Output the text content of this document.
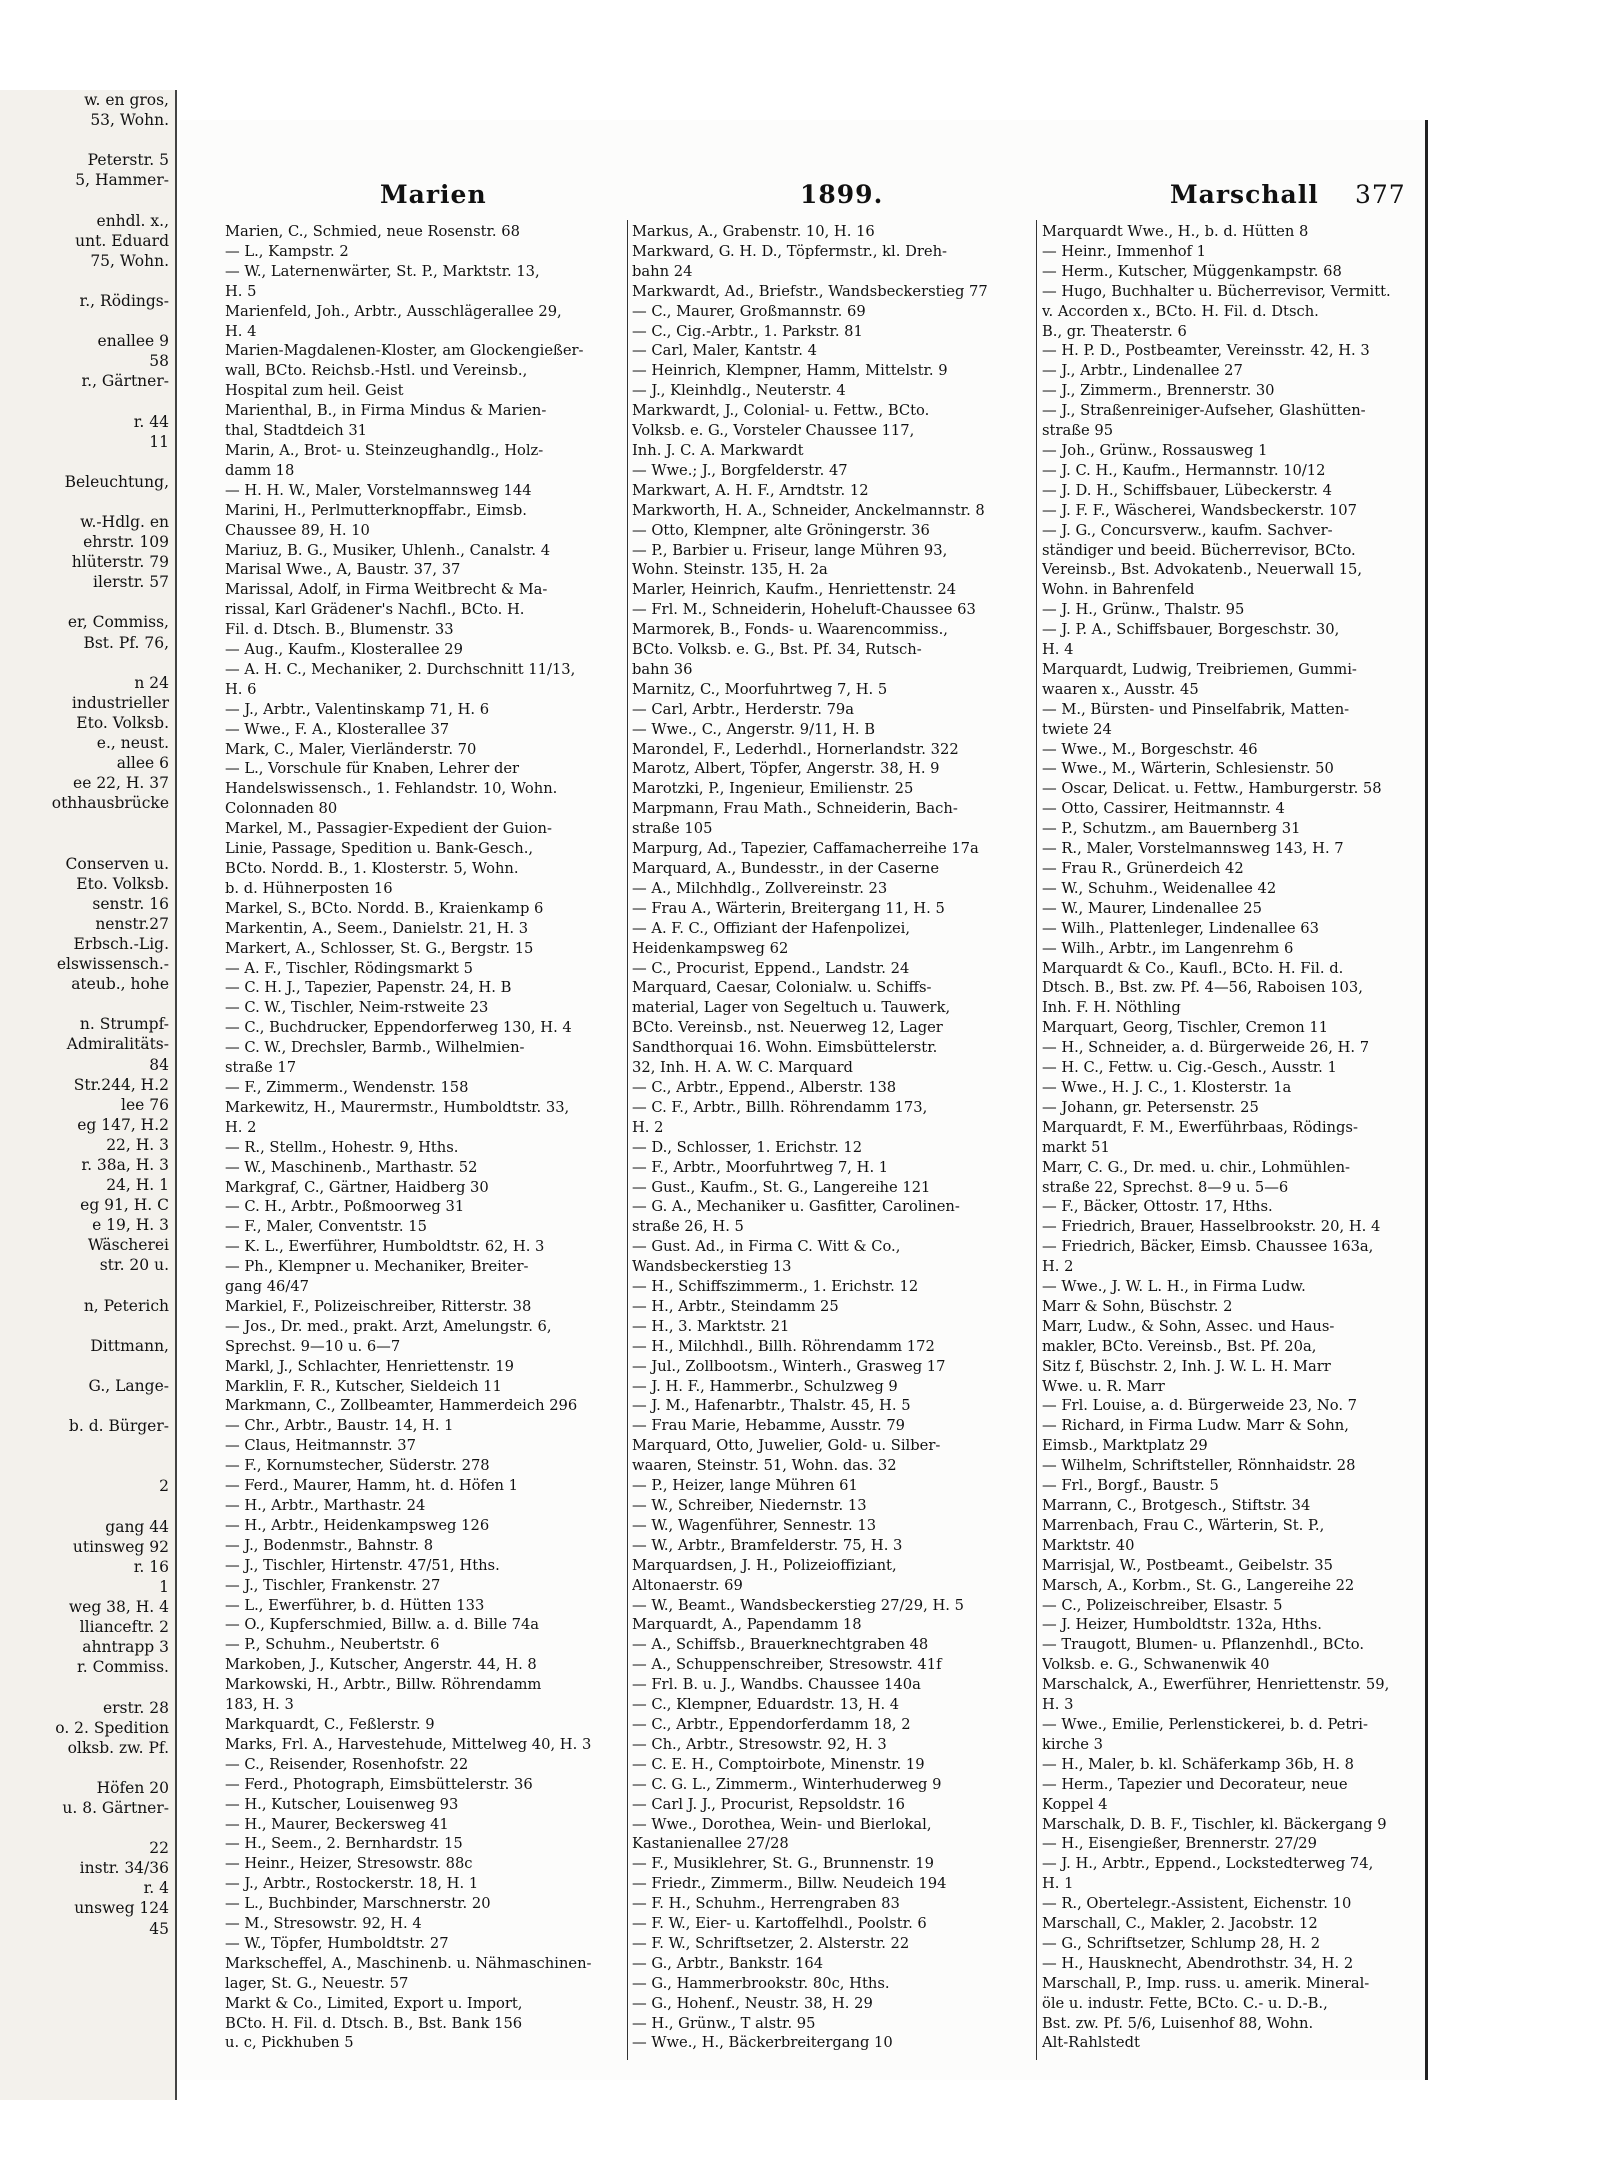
w. en gros,
53, Wohn.

Peterstr. 5
5, Hammer-

enhdl. x.,
unt. Eduard
75, Wohn.

r., Rödings-

enallee 9
58
r., Gärtner-

r. 44
11

Beleuchtung,

w.-Hdlg. en
ehrstr. 109
hlüterstr. 79
ilerstr. 57

er, Commiss,
Bst. Pf. 76,

n 24
industrieller
Eto. Volksb.
e., neust.
allee 6
ee 22, H. 37
othhausbrücke

Conserven u.
Eto. Volksb.
senstr. 16
nenstr.27
Erbsch.-Lig.
elswissensch.-
ateub., hohe

n. Strumpf-
Admiralitäts-
84
Str.244, H.2
lee 76
eg 147, H.2
22, H. 3
r. 38a, H. 3
24, H. 1
eg 91, H. C
e 19, H. 3
Wäscherei
str. 20 u.

n, Peterich

Dittmann,

G., Lange-

b. d. Bürger-

2

gang 44
utinsweg 92
r. 16
1
weg 38, H. 4
llianceftr. 2
ahntrapp 3
r. Commiss.

erstr. 28
o. 2. Spedition
olksb. zw. Pf.

Höfen 20
u. 8. Gärtner-

22
instr. 34/36
r. 4
unsweg 124
45
Marien	1899.	Marschall 377
Marien, C., Schmied, neue Rosenstr. 68
— L., Kampstr. 2
— W., Laternenwärter, St. P., Marktstr. 13,
H. 5
Marienfeld, Joh., Arbtr., Ausschlägerallee 29,
H. 4
Marien-Magdalenen-Kloster, am Glockengießer-
wall, BCto. Reichsb.-Hstl. und Vereinsb.,
Hospital zum heil. Geist
Marienthal, B., in Firma Mindus & Marien-
thal, Stadtdeich 31
Marin, A., Brot- u. Steinzeughandlg., Holz-
damm 18
— H. H. W., Maler, Vorstelmannsweg 144
Marini, H., Perlmutterknopffabr., Eimsb.
Chaussee 89, H. 10
Mariuz, B. G., Musiker, Uhlenh., Canalstr. 4
Marisal Wwe., A, Baustr. 37, 37
Marissal, Adolf, in Firma Weitbrecht & Ma-
rissal, Karl Grädener's Nachfl., BCto. H.
Fil. d. Dtsch. B., Blumenstr. 33
— Aug., Kaufm., Klosterallee 29
— A. H. C., Mechaniker, 2. Durchschnitt 11/13,
H. 6
— J., Arbtr., Valentinskamp 71, H. 6
— Wwe., F. A., Klosterallee 37
Mark, C., Maler, Vierländerstr. 70
— L., Vorschule für Knaben, Lehrer der
Handelswissensch., 1. Fehlandstr. 10, Wohn.
Colonnaden 80
Markel, M., Passagier-Expedient der Guion-
Linie, Passage, Spedition u. Bank-Gesch.,
BCto. Nordd. B., 1. Klosterstr. 5, Wohn.
b. d. Hühnerposten 16
Markel, S., BCto. Nordd. B., Kraienkamp 6
Markentin, A., Seem., Danielstr. 21, H. 3
Markert, A., Schlosser, St. G., Bergstr. 15
— A. F., Tischler, Rödingsmarkt 5
— C. H. J., Tapezier, Papenstr. 24, H. B
— C. W., Tischler, Neim-rstweite 23
— C., Buchdrucker, Eppendorferweg 130, H. 4
— C. W., Drechsler, Barmb., Wilhelmien-
straße 17
— F., Zimmerm., Wendenstr. 158
Markewitz, H., Maurermstr., Humboldtstr. 33,
H. 2
— R., Stellm., Hohestr. 9, Hths.
— W., Maschinenb., Marthastr. 52
Markgraf, C., Gärtner, Haidberg 30
— C. H., Arbtr., Poßmoorweg 31
— F., Maler, Conventstr. 15
— K. L., Ewerführer, Humboldtstr. 62, H. 3
— Ph., Klempner u. Mechaniker, Breiter-
gang 46/47
Markiel, F., Polizeischreiber, Ritterstr. 38
— Jos., Dr. med., prakt. Arzt, Amelungstr. 6,
Sprechst. 9—10 u. 6—7
Markl, J., Schlachter, Henriettenstr. 19
Marklin, F. R., Kutscher, Sieldeich 11
Markmann, C., Zollbeamter, Hammerdeich 296
— Chr., Arbtr., Baustr. 14, H. 1
— Claus, Heitmannstr. 37
— F., Kornumstecher, Süderstr. 278
— Ferd., Maurer, Hamm, ht. d. Höfen 1
— H., Arbtr., Marthastr. 24
— H., Arbtr., Heidenkampsweg 126
— J., Bodenmstr., Bahnstr. 8
— J., Tischler, Hirtenstr. 47/51, Hths.
— J., Tischler, Frankenstr. 27
— L., Ewerführer, b. d. Hütten 133
— O., Kupferschmied, Billw. a. d. Bille 74a
— P., Schuhm., Neubertstr. 6
Markoben, J., Kutscher, Angerstr. 44, H. 8
Markowski, H., Arbtr., Billw. Röhrendamm
183, H. 3
Markquardt, C., Feßlerstr. 9
Marks, Frl. A., Harvestehude, Mittelweg 40, H. 3
— C., Reisender, Rosenhofstr. 22
— Ferd., Photograph, Eimsbüttelerstr. 36
— H., Kutscher, Louisenweg 93
— H., Maurer, Beckersweg 41
— H., Seem., 2. Bernhardstr. 15
— Heinr., Heizer, Stresowstr. 88c
— J., Arbtr., Rostockerstr. 18, H. 1
— L., Buchbinder, Marschnerstr. 20
— M., Stresowstr. 92, H. 4
— W., Töpfer, Humboldtstr. 27
Markscheffel, A., Maschinenb. u. Nähmaschinen-
lager, St. G., Neuestr. 57
Markt & Co., Limited, Export u. Import,
BCto. H. Fil. d. Dtsch. B., Bst. Bank 156
u. c, Pickhuben 5
Markus, A., Grabenstr. 10, H. 16
Markward, G. H. D., Töpfermstr., kl. Dreh-
bahn 24
Markwardt, Ad., Briefstr., Wandsbeckerstieg 77
— C., Maurer, Großmannstr. 69
— C., Cig.-Arbtr., 1. Parkstr. 81
— Carl, Maler, Kantstr. 4
— Heinrich, Klempner, Hamm, Mittelstr. 9
— J., Kleinhdlg., Neuterstr. 4
Markwardt, J., Colonial- u. Fettw., BCto.
Volksb. e. G., Vorsteler Chaussee 117,
Inh. J. C. A. Markwardt
— Wwe.; J., Borgfelderstr. 47
Markwart, A. H. F., Arndtstr. 12
Markworth, H. A., Schneider, Anckelmannstr. 8
— Otto, Klempner, alte Gröningerstr. 36
— P., Barbier u. Friseur, lange Mühren 93,
Wohn. Steinstr. 135, H. 2a
Marler, Heinrich, Kaufm., Henriettenstr. 24
— Frl. M., Schneiderin, Hoheluft-Chaussee 63
Marmorek, B., Fonds- u. Waarencommiss.,
BCto. Volksb. e. G., Bst. Pf. 34, Rutsch-
bahn 36
Marnitz, C., Moorfuhrtweg 7, H. 5
— Carl, Arbtr., Herderstr. 79a
— Wwe., C., Angerstr. 9/11, H. B
Marondel, F., Lederhdl., Hornerlandstr. 322
Marotz, Albert, Töpfer, Angerstr. 38, H. 9
Marotzki, P., Ingenieur, Emilienstr. 25
Marpmann, Frau Math., Schneiderin, Bach-
straße 105
Marpurg, Ad., Tapezier, Caffamacherreihe 17a
Marquard, A., Bundesstr., in der Caserne
— A., Milchhdlg., Zollvereinstr. 23
— Frau A., Wärterin, Breitergang 11, H. 5
— A. F. C., Offiziant der Hafenpolizei,
Heidenkampsweg 62
— C., Procurist, Eppend., Landstr. 24
Marquard, Caesar, Colonialw. u. Schiffs-
material, Lager von Segeltuch u. Tauwerk,
BCto. Vereinsb., nst. Neuerweg 12, Lager
Sandthorquai 16. Wohn. Eimsbüttelerstr.
32, Inh. H. A. W. C. Marquard
— C., Arbtr., Eppend., Alberstr. 138
— C. F., Arbtr., Billh. Röhrendamm 173,
H. 2
— D., Schlosser, 1. Erichstr. 12
— F., Arbtr., Moorfuhrtweg 7, H. 1
— Gust., Kaufm., St. G., Langereihe 121
— G. A., Mechaniker u. Gasfitter, Carolinen-
straße 26, H. 5
— Gust. Ad., in Firma C. Witt & Co.,
Wandsbeckerstieg 13
— H., Schiffszimmerm., 1. Erichstr. 12
— H., Arbtr., Steindamm 25
— H., 3. Marktstr. 21
— H., Milchhdl., Billh. Röhrendamm 172
— Jul., Zollbootsm., Winterh., Grasweg 17
— J. H. F., Hammerbr., Schulzweg 9
— J. M., Hafenarbtr., Thalstr. 45, H. 5
— Frau Marie, Hebamme, Ausstr. 79
Marquard, Otto, Juwelier, Gold- u. Silber-
waaren, Steinstr. 51, Wohn. das. 32
— P., Heizer, lange Mühren 61
— W., Schreiber, Niedernstr. 13
— W., Wagenführer, Sennestr. 13
— W., Arbtr., Bramfelderstr. 75, H. 3
Marquardsen, J. H., Polizeioffiziant,
Altonaerstr. 69
— W., Beamt., Wandsbeckerstieg 27/29, H. 5
Marquardt, A., Papendamm 18
— A., Schiffsb., Brauerknechtgraben 48
— A., Schuppenschreiber, Stresowstr. 41f
— Frl. B. u. J., Wandbs. Chaussee 140a
— C., Klempner, Eduardstr. 13, H. 4
— C., Arbtr., Eppendorferdamm 18, 2
— Ch., Arbtr., Stresowstr. 92, H. 3
— C. E. H., Comptoirbote, Minenstr. 19
— C. G. L., Zimmerm., Winterhuderweg 9
— Carl J. J., Procurist, Repsoldstr. 16
— Wwe., Dorothea, Wein- und Bierlokal,
Kastanienallee 27/28
— F., Musiklehrer, St. G., Brunnenstr. 19
— Friedr., Zimmerm., Billw. Neudeich 194
— F. H., Schuhm., Herrengraben 83
— F. W., Eier- u. Kartoffelhdl., Poolstr. 6
— F. W., Schriftsetzer, 2. Alsterstr. 22
— G., Arbtr., Bankstr. 164
— G., Hammerbrookstr. 80c, Hths.
— G., Hohenf., Neustr. 38, H. 29
— H., Grünw., T alstr. 95
— Wwe., H., Bäckerbreitergang 10
Marquardt Wwe., H., b. d. Hütten 8
— Heinr., Immenhof 1
— Herm., Kutscher, Müggenkampstr. 68
— Hugo, Buchhalter u. Bücherrevisor, Vermitt.
v. Accorden x., BCto. H. Fil. d. Dtsch.
B., gr. Theaterstr. 6
— H. P. D., Postbeamter, Vereinsstr. 42, H. 3
— J., Arbtr., Lindenallee 27
— J., Zimmerm., Brennerstr. 30
— J., Straßenreiniger-Aufseher, Glashütten-
straße 95
— Joh., Grünw., Rossausweg 1
— J. C. H., Kaufm., Hermannstr. 10/12
— J. D. H., Schiffsbauer, Lübeckerstr. 4
— J. F. F., Wäscherei, Wandsbeckerstr. 107
— J. G., Concursverw., kaufm. Sachver-
ständiger und beeid. Bücherrevisor, BCto.
Vereinsb., Bst. Advokatenb., Neuerwall 15,
Wohn. in Bahrenfeld
— J. H., Grünw., Thalstr. 95
— J. P. A., Schiffsbauer, Borgeschstr. 30,
H. 4
Marquardt, Ludwig, Treibriemen, Gummi-
waaren x., Ausstr. 45
— M., Bürsten- und Pinselfabrik, Matten-
twiete 24
— Wwe., M., Borgeschstr. 46
— Wwe., M., Wärterin, Schlesienstr. 50
— Oscar, Delicat. u. Fettw., Hamburgerstr. 58
— Otto, Cassirer, Heitmannstr. 4
— P., Schutzm., am Bauernberg 31
— R., Maler, Vorstelmannsweg 143, H. 7
— Frau R., Grünerdeich 42
— W., Schuhm., Weidenallee 42
— W., Maurer, Lindenallee 25
— Wilh., Plattenleger, Lindenallee 63
— Wilh., Arbtr., im Langenrehm 6
Marquardt & Co., Kaufl., BCto. H. Fil. d.
Dtsch. B., Bst. zw. Pf. 4—56, Raboisen 103,
Inh. F. H. Nöthling
Marquart, Georg, Tischler, Cremon 11
— H., Schneider, a. d. Bürgerweide 26, H. 7
— H. C., Fettw. u. Cig.-Gesch., Ausstr. 1
— Wwe., H. J. C., 1. Klosterstr. 1a
— Johann, gr. Petersenstr. 25
Marquardt, F. M., Ewerführbaas, Rödings-
markt 51
Marr, C. G., Dr. med. u. chir., Lohmühlen-
straße 22, Sprechst. 8—9 u. 5—6
— F., Bäcker, Ottostr. 17, Hths.
— Friedrich, Brauer, Hasselbrookstr. 20, H. 4
— Friedrich, Bäcker, Eimsb. Chaussee 163a,
H. 2
— Wwe., J. W. L. H., in Firma Ludw.
Marr & Sohn, Büschstr. 2
Marr, Ludw., & Sohn, Assec. und Haus-
makler, BCto. Vereinsb., Bst. Pf. 20a,
Sitz f, Büschstr. 2, Inh. J. W. L. H. Marr
Wwe. u. R. Marr
— Frl. Louise, a. d. Bürgerweide 23, No. 7
— Richard, in Firma Ludw. Marr & Sohn,
Eimsb., Marktplatz 29
— Wilhelm, Schriftsteller, Rönnhaidstr. 28
— Frl., Borgf., Baustr. 5
Marrann, C., Brotgesch., Stiftstr. 34
Marrenbach, Frau C., Wärterin, St. P.,
Marktstr. 40
Marrisjal, W., Postbeamt., Geibelstr. 35
Marsch, A., Korbm., St. G., Langereihe 22
— C., Polizeischreiber, Elsastr. 5
— J. Heizer, Humboldtstr. 132a, Hths.
— Traugott, Blumen- u. Pflanzenhdl., BCto.
Volksb. e. G., Schwanenwik 40
Marschalck, A., Ewerführer, Henriettenstr. 59,
H. 3
— Wwe., Emilie, Perlenstickerei, b. d. Petri-
kirche 3
— H., Maler, b. kl. Schäferkamp 36b, H. 8
— Herm., Tapezier und Decorateur, neue
Koppel 4
Marschalk, D. B. F., Tischler, kl. Bäckergang 9
— H., Eisengießer, Brennerstr. 27/29
— J. H., Arbtr., Eppend., Lockstedterweg 74,
H. 1
— R., Obertelegr.-Assistent, Eichenstr. 10
Marschall, C., Makler, 2. Jacobstr. 12
— G., Schriftsetzer, Schlump 28, H. 2
— H., Hausknecht, Abendrothstr. 34, H. 2
Marschall, P., Imp. russ. u. amerik. Mineral-
öle u. industr. Fette, BCto. C.- u. D.-B.,
Bst. zw. Pf. 5/6, Luisenhof 88, Wohn.
Alt-Rahlstedt
